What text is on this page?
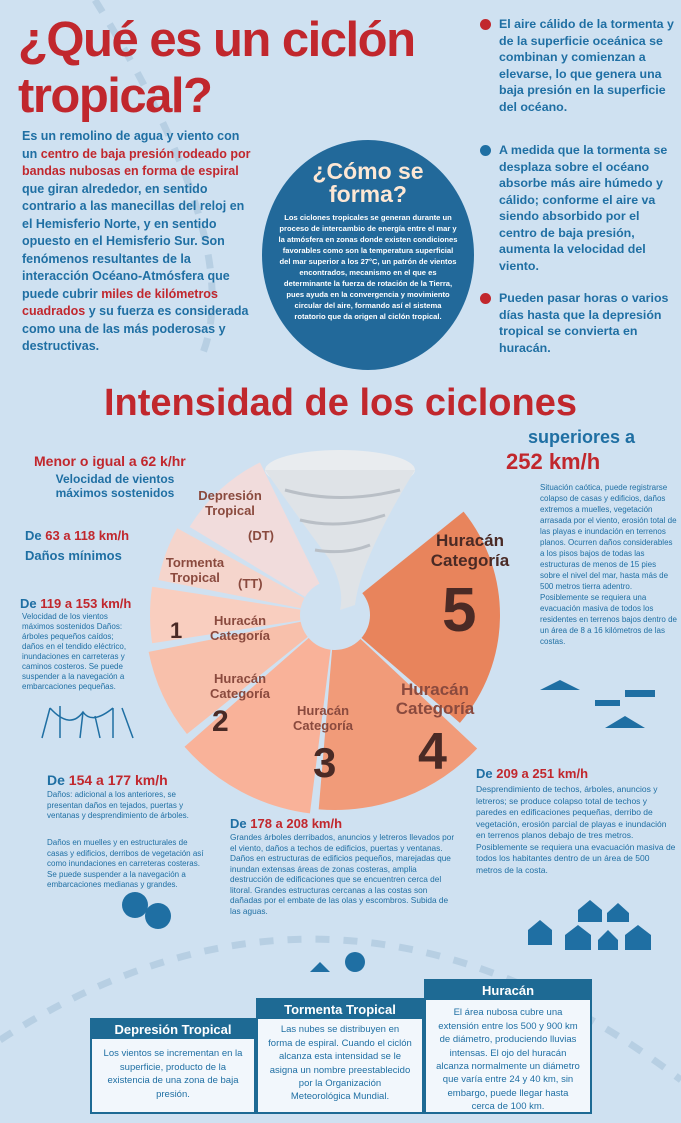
¿Qué es un ciclón tropical?
Es un remolino de agua y viento con un centro de baja presión rodeado por bandas nubosas en forma de espiral que giran alrededor, en sentido contrario a las manecillas del reloj en el Hemisferio Norte, y en sentido opuesto en el Hemisferio Sur. Son fenómenos resultantes de la interacción Océano-Atmósfera que puede cubrir miles de kilómetros cuadrados y su fuerza es considerada como una de las más poderosas y destructivas.
¿Cómo se forma?

Los ciclones tropicales se generan durante un proceso de intercambio de energía entre el mar y la atmósfera en zonas donde existen condiciones favorables como son la temperatura superficial del mar superior a los 27°C, un patrón de vientos encontrados, mecanismo en el que es determinante la fuerza de rotación de la Tierra, pues ayuda en la convergencia y movimiento circular del aire, formando así el sistema rotatorio que da origen al ciclón tropical.

El aire cálido de la tormenta y de la superficie oceánica se combinan y comienzan a elevarse, lo que genera una baja presión en la superficie del océano.
A medida que la tormenta se desplaza sobre el océano absorbe más aire húmedo y cálido; conforme el aire va siendo absorbido por el centro de baja presión, aumenta la velocidad del viento.
Pueden pasar horas o varios días hasta que la depresión tropical se convierta en huracán.
Intensidad de los ciclones
Depresión Tropical
(DT)
Tormenta Tropical	(TT)
1	Huracán Categoría
Huracán Categoría
2	Huracán Categoría
3
Huracán Categoría
4
Huracán Categoría
5
Menor o igual a 62 k/hr
Velocidad de vientos máximos sostenidos
De 63 a 118 km/h
Daños mínimos
De 119 a 153 km/h
Velocidad de los vientos máximos sostenidos Daños: árboles pequeños caídos; daños en el tendido eléctrico, inundaciones en carreteras y caminos costeros. Se puede suspender a la navegación a embarcaciones pequeñas.
De 154 a 177 km/h
Daños: adicional a los anteriores, se presentan daños en tejados, puertas y ventanas y desprendimiento de árboles.
Daños en muelles y en estructurales de casas y edificios, derribos de vegetación así como inundaciones en carreteras costeras. Se puede suspender a la navegación a embarcaciones medianas y grandes.
De 178 a 208 km/h
Grandes árboles derribados, anuncios y letreros llevados por el viento, daños a techos de edificios, puertas y ventanas. Daños en estructuras de edificios pequeños, marejadas que inundan extensas áreas de zonas costeras, amplia destrucción de edificaciones que se encuentren cerca del litoral. Grandes estructuras cercanas a las costas son dañadas por el embate de las olas y escombros. Subida de las aguas.
De 209 a 251 km/h
Desprendimiento de techos, árboles, anuncios y letreros; se produce colapso total de techos y paredes en edificaciones pequeñas, derribo de vegetación, erosión parcial de playas e inundación en terrenos planos debajo de tres metros. Posiblemente se requiera una evacuación masiva de todos los habitantes dentro de un área de 500 metros de la costa.
superiores a
252 km/h
Situación caótica, puede registrarse colapso de casas y edificios, daños extremos a muelles, vegetación arrasada por el viento, erosión total de las playas e inundación en terrenos planos. Ocurren daños considerables a los pisos bajos de todas las estructuras de menos de 15 pies sobre el nivel del mar, hasta más de 500 metros tierra adentro. Posiblemente se requiera una evacuación masiva de todos los residentes en terrenos bajos dentro de un área de 8 a 16 kilómetros de las costas.
Depresión Tropical

Los vientos se incrementan en la superficie, producto de la existencia de una zona de baja presión.

Tormenta Tropical

Las nubes se distribuyen en forma de espiral. Cuando el ciclón alcanza esta intensidad se le asigna un nombre preestablecido por la Organización Meteorológica Mundial.

Huracán

El área nubosa cubre una extensión entre los 500 y 900 km de diámetro, produciendo lluvias intensas. El ojo del huracán alcanza normalmente un diámetro que varía entre 24 y 40 km, sin embargo, puede llegar hasta cerca de 100 km.
